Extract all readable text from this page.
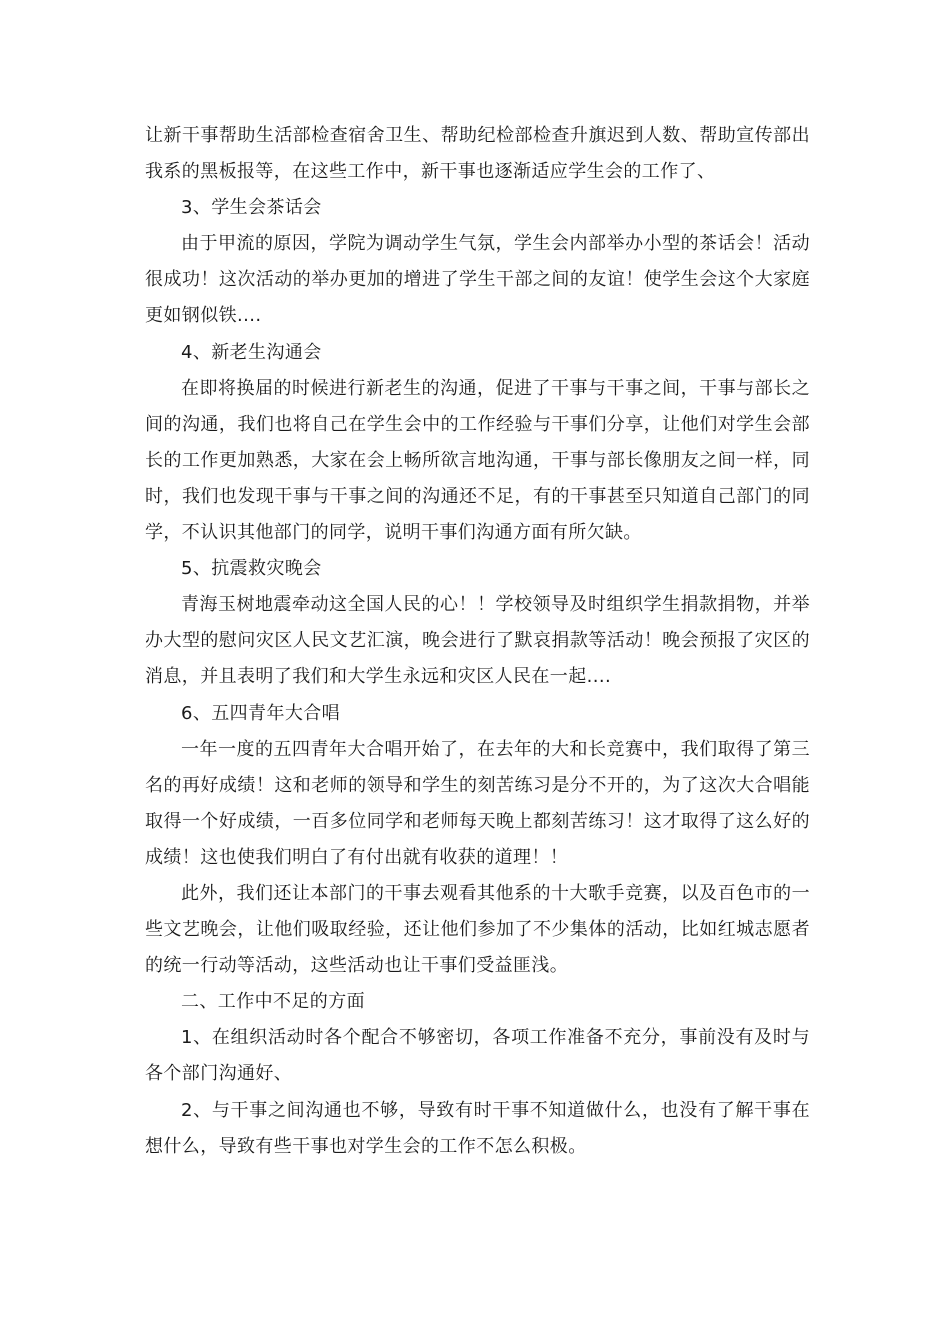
让新干事帮助生活部检查宿舍卫生、帮助纪检部检查升旗迟到人数、帮助宣传部出我系的黑板报等，在这些工作中，新干事也逐渐适应学生会的工作了、

3、学生会茶话会

由于甲流的原因，学院为调动学生气氛，学生会内部举办小型的茶话会！活动很成功！这次活动的举办更加的增进了学生干部之间的友谊！使学生会这个大家庭更如钢似铁....

4、新老生沟通会

在即将换届的时候进行新老生的沟通，促进了干事与干事之间，干事与部长之间的沟通，我们也将自己在学生会中的工作经验与干事们分享，让他们对学生会部长的工作更加熟悉，大家在会上畅所欲言地沟通，干事与部长像朋友之间一样，同时，我们也发现干事与干事之间的沟通还不足，有的干事甚至只知道自己部门的同学，不认识其他部门的同学，说明干事们沟通方面有所欠缺。

5、抗震救灾晚会

青海玉树地震牵动这全国人民的心！！学校领导及时组织学生捐款捐物，并举办大型的慰问灾区人民文艺汇演，晚会进行了默哀捐款等活动！晚会预报了灾区的消息，并且表明了我们和大学生永远和灾区人民在一起....

6、五四青年大合唱

一年一度的五四青年大合唱开始了，在去年的大和长竞赛中，我们取得了第三名的再好成绩！这和老师的领导和学生的刻苦练习是分不开的，为了这次大合唱能取得一个好成绩，一百多位同学和老师每天晚上都刻苦练习！这才取得了这么好的成绩！这也使我们明白了有付出就有收获的道理！！

此外，我们还让本部门的干事去观看其他系的十大歌手竞赛，以及百色市的一些文艺晚会，让他们吸取经验，还让他们参加了不少集体的活动，比如红城志愿者的统一行动等活动，这些活动也让干事们受益匪浅。

二、工作中不足的方面

1、在组织活动时各个配合不够密切，各项工作准备不充分，事前没有及时与各个部门沟通好、

2、与干事之间沟通也不够，导致有时干事不知道做什么，也没有了解干事在想什么，导致有些干事也对学生会的工作不怎么积极。
